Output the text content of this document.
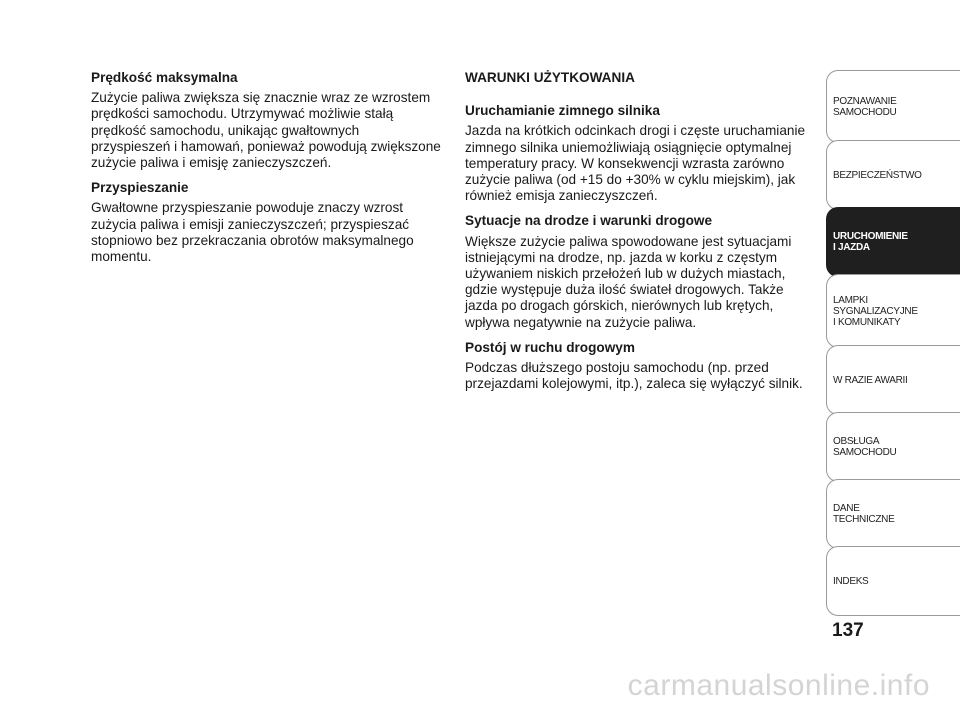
Prędkość maksymalna

Zużycie paliwa zwiększa się znacznie wraz ze wzrostem prędkości samochodu. Utrzymywać możliwie stałą prędkość samochodu, unikając gwałtownych przyspieszeń i hamowań, ponieważ powodują zwiększone zużycie paliwa i emisję zanieczyszczeń.

Przyspieszanie

Gwałtowne przyspieszanie powoduje znaczy wzrost zużycia paliwa i emisji zanieczyszczeń; przyspieszać stopniowo bez przekraczania obrotów maksymalnego momentu.

WARUNKI UŻYTKOWANIA
Uruchamianie zimnego silnika

Jazda na krótkich odcinkach drogi i częste uruchamianie zimnego silnika uniemożliwiają osiągnięcie optymalnej temperatury pracy. W konsekwencji wzrasta zarówno zużycie paliwa (od +15 do +30% w cyklu miejskim), jak również emisja zanieczyszczeń.

Sytuacje na drodze i warunki drogowe

Większe zużycie paliwa spowodowane jest sytuacjami istniejącymi na drodze, np. jazda w korku z częstym używaniem niskich przełożeń lub w dużych miastach, gdzie występuje duża ilość świateł drogowych. Także jazda po drogach górskich, nierównych lub krętych, wpływa negatywnie na zużycie paliwa.

Postój w ruchu drogowym

Podczas dłuższego postoju samochodu (np. przed przejazdami kolejowymi, itp.), zaleca się wyłączyć silnik.

POZNAWANIE
SAMOCHODU
BEZPIECZEŃSTWO
URUCHOMIENIE
I JAZDA
LAMPKI
SYGNALIZACYJNE
I KOMUNIKATY
W RAZIE AWARII
OBSŁUGA
SAMOCHODU
DANE
TECHNICZNE
INDEKS
137
carmanualsonline.info
